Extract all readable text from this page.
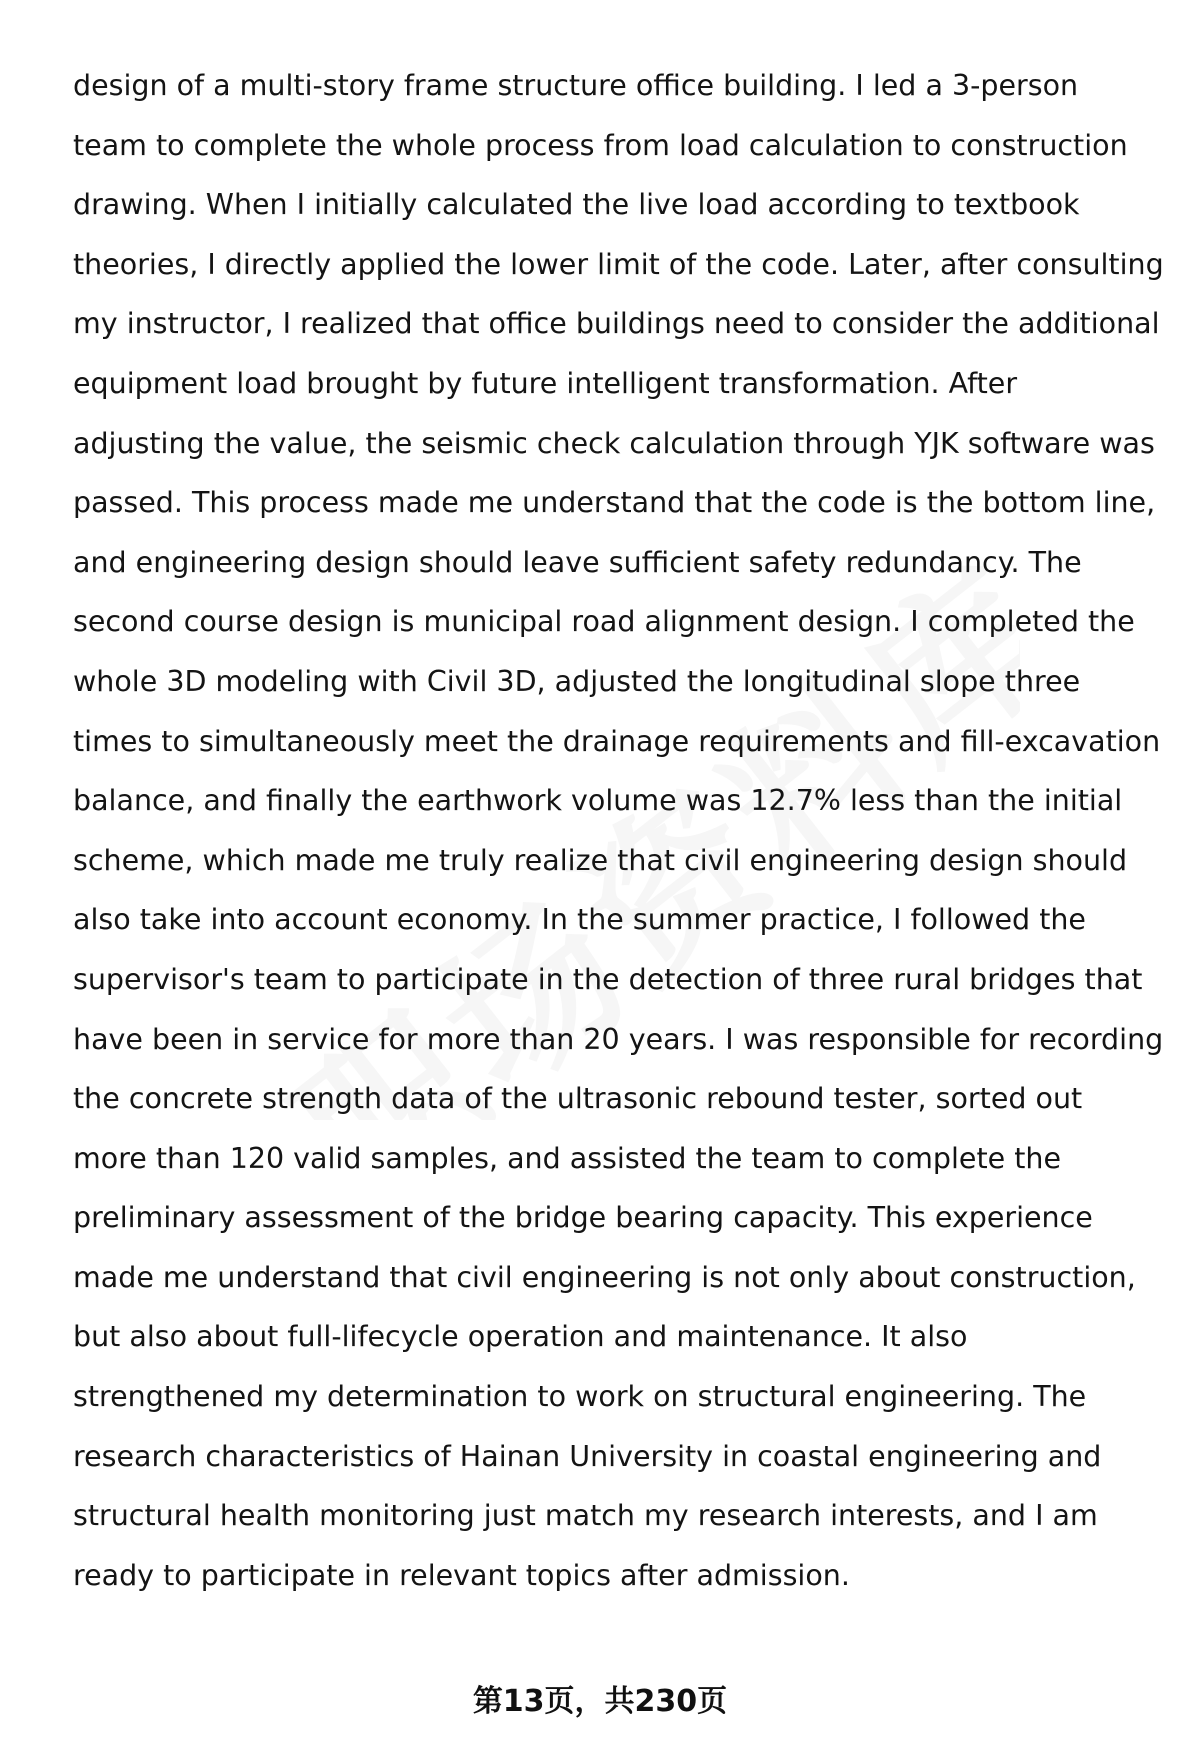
design of a multi-story frame structure office building. I led a 3-person
team to complete the whole process from load calculation to construction
drawing. When I initially calculated the live load according to textbook
theories, I directly applied the lower limit of the code. Later, after consulting
my instructor, I realized that office buildings need to consider the additional
equipment load brought by future intelligent transformation. After
adjusting the value, the seismic check calculation through YJK software was
passed. This process made me understand that the code is the bottom line,
and engineering design should leave sufficient safety redundancy. The
second course design is municipal road alignment design. I completed the
whole 3D modeling with Civil 3D, adjusted the longitudinal slope three
times to simultaneously meet the drainage requirements and fill-excavation
balance, and finally the earthwork volume was 12.7% less than the initial
scheme, which made me truly realize that civil engineering design should
also take into account economy. In the summer practice, I followed the
supervisor's team to participate in the detection of three rural bridges that
have been in service for more than 20 years. I was responsible for recording
the concrete strength data of the ultrasonic rebound tester, sorted out
more than 120 valid samples, and assisted the team to complete the
preliminary assessment of the bridge bearing capacity. This experience
made me understand that civil engineering is not only about construction,
but also about full-lifecycle operation and maintenance. It also
strengthened my determination to work on structural engineering. The
research characteristics of Hainan University in coastal engineering and
structural health monitoring just match my research interests, and I am
ready to participate in relevant topics after admission.
第13页，共230页
